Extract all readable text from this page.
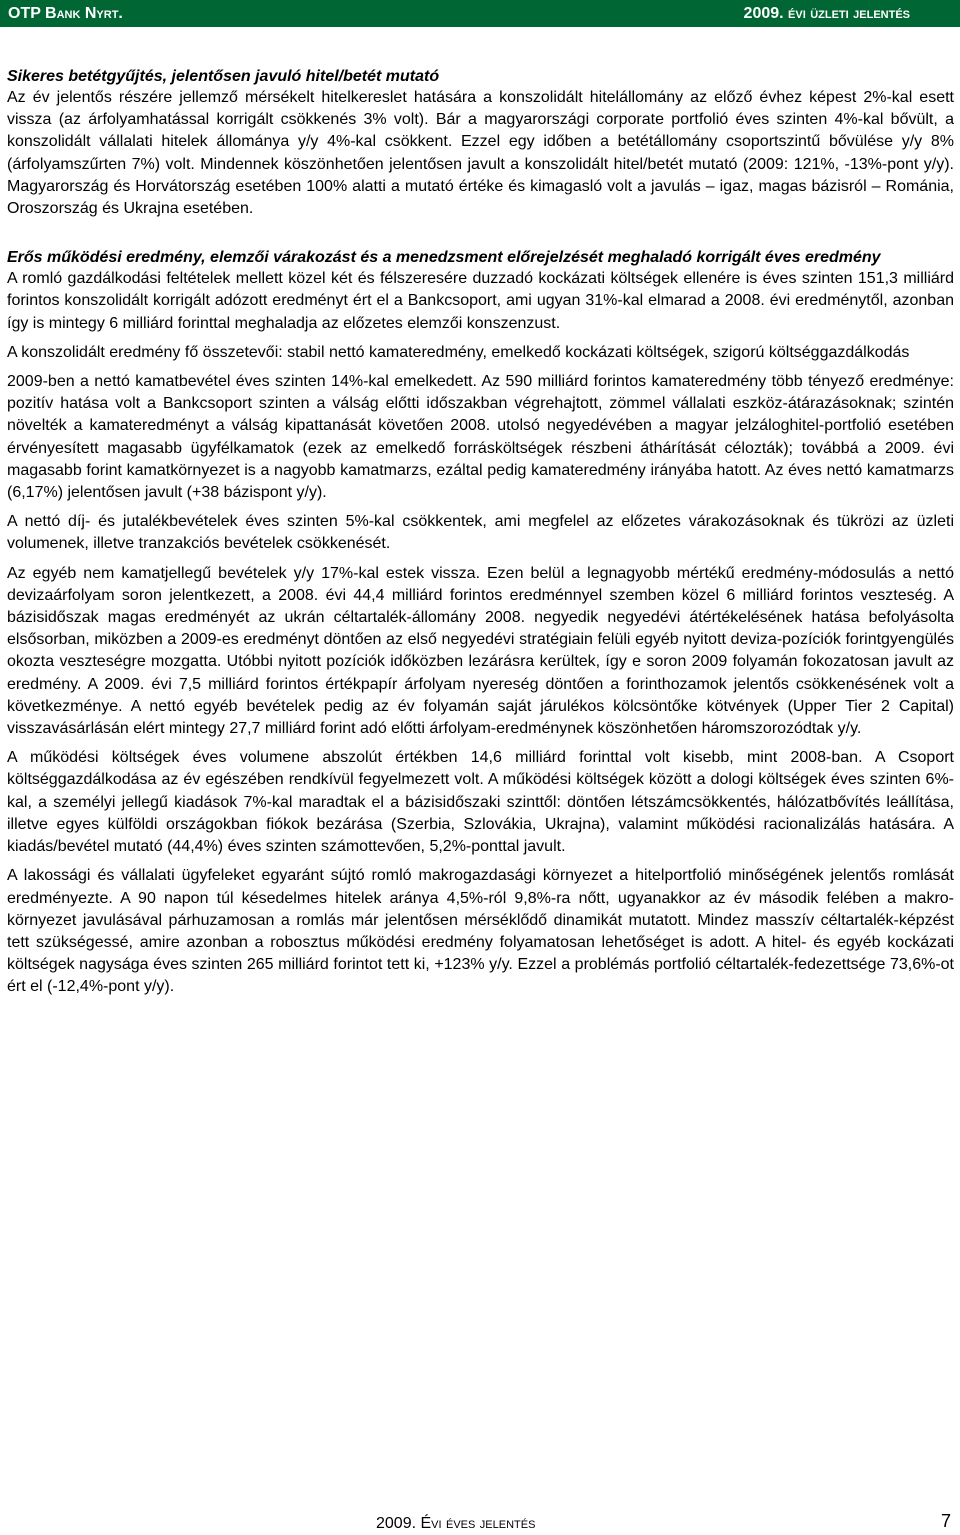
OTP Bank Nyrt.	2009. évi üzleti jelentés

Sikeres betétgyűjtés, jelentősen javuló hitel/betét mutató

Az év jelentős részére jellemző mérsékelt hitelkereslet hatására a konszolidált hitelállomány az előző évhez képest 2%-kal esett vissza (az árfolyamhatással korrigált csökkenés 3% volt). Bár a magyarországi corporate portfolió éves szinten 4%-kal bővült, a konszolidált vállalati hitelek állománya y/y 4%-kal csökkent. Ezzel egy időben a betétállomány csoportszintű bővülése y/y 8% (árfolyamszűrten 7%) volt. Mindennek köszönhetően jelentősen javult a konszolidált hitel/betét mutató (2009: 121%, -13%-pont y/y). Magyarország és Horvátország esetében 100% alatti a mutató értéke és kimagasló volt a javulás – igaz, magas bázisról – Románia, Oroszország és Ukrajna esetében.

Erős működési eredmény, elemzői várakozást és a menedzsment előrejelzését meghaladó korrigált éves eredmény

A romló gazdálkodási feltételek mellett közel két és félszeresére duzzadó kockázati költségek ellenére is éves szinten 151,3 milliárd forintos konszolidált korrigált adózott eredményt ért el a Bankcsoport, ami ugyan 31%-kal elmarad a 2008. évi eredménytől, azonban így is mintegy 6 milliárd forinttal meghaladja az előzetes elemzői konszenzust.

A konszolidált eredmény fő összetevői: stabil nettó kamateredmény, emelkedő kockázati költségek, szigorú költséggazdálkodás

2009-ben a nettó kamatbevétel éves szinten 14%-kal emelkedett. Az 590 milliárd forintos kamateredmény több tényező eredménye: pozitív hatása volt a Bankcsoport szinten a válság előtti időszakban végrehajtott, zömmel vállalati eszköz-átárazásoknak; szintén növelték a kamateredményt a válság kipattanását követően 2008. utolsó negyedévében a magyar jelzáloghitel-portfolió esetében érvényesített magasabb ügyfélkamatok (ezek az emelkedő forrásköltségek részbeni áthárítását célozták); továbbá a 2009. évi magasabb forint kamatkörnyezet is a nagyobb kamatmarzs, ezáltal pedig kamateredmény irányába hatott. Az éves nettó kamatmarzs (6,17%) jelentősen javult (+38 bázispont y/y).

A nettó díj- és jutalékbevételek éves szinten 5%-kal csökkentek, ami megfelel az előzetes várakozásoknak és tükrözi az üzleti volumenek, illetve tranzakciós bevételek csökkenését.

Az egyéb nem kamatjellegű bevételek y/y 17%-kal estek vissza. Ezen belül a legnagyobb mértékű eredmény-módosulás a nettó devizaárfolyam soron jelentkezett, a 2008. évi 44,4 milliárd forintos eredménnyel szemben közel 6 milliárd forintos veszteség. A bázisidőszak magas eredményét az ukrán céltartalék-állomány 2008. negyedik negyedévi átértékelésének hatása befolyásolta elsősorban, miközben a 2009-es eredményt döntően az első negyedévi stratégiain felüli egyéb nyitott deviza-pozíciók forintgyengülés okozta veszteségre mozgatta. Utóbbi nyitott pozíciók időközben lezárásra kerültek, így e soron 2009 folyamán fokozatosan javult az eredmény. A 2009. évi 7,5 milliárd forintos értékpapír árfolyam nyereség döntően a forinthozamok jelentős csökkenésének volt a következménye. A nettó egyéb bevételek pedig az év folyamán saját járulékos kölcsöntőke kötvények (Upper Tier 2 Capital) visszavásárlásán elért mintegy 27,7 milliárd forint adó előtti árfolyam-eredménynek köszönhetően háromszorozódtak y/y.

A működési költségek éves volumene abszolút értékben 14,6 milliárd forinttal volt kisebb, mint 2008-ban. A Csoport költséggazdálkodása az év egészében rendkívül fegyelmezett volt. A működési költségek között a dologi költségek éves szinten 6%-kal, a személyi jellegű kiadások 7%-kal maradtak el a bázisidőszaki szinttől: döntően létszámcsökkentés, hálózatbővítés leállítása, illetve egyes külföldi országokban fiókok bezárása (Szerbia, Szlovákia, Ukrajna), valamint működési racionalizálás hatására. A kiadás/bevétel mutató (44,4%) éves szinten számottevően, 5,2%-ponttal javult.

A lakossági és vállalati ügyfeleket egyaránt sújtó romló makrogazdasági környezet a hitelportfolió minőségének jelentős romlását eredményezte. A 90 napon túl késedelmes hitelek aránya 4,5%-ról 9,8%-ra nőtt, ugyanakkor az év második felében a makro-környezet javulásával párhuzamosan a romlás már jelentősen mérséklődő dinamikát mutatott. Mindez masszív céltartalék-képzést tett szükségessé, amire azonban a robosztus működési eredmény folyamatosan lehetőséget is adott. A hitel- és egyéb kockázati költségek nagysága éves szinten 265 milliárd forintot tett ki, +123% y/y. Ezzel a problémás portfolió céltartalék-fedezettsége 73,6%-ot ért el (-12,4%-pont y/y).

2009. Évi éves jelentés	7
